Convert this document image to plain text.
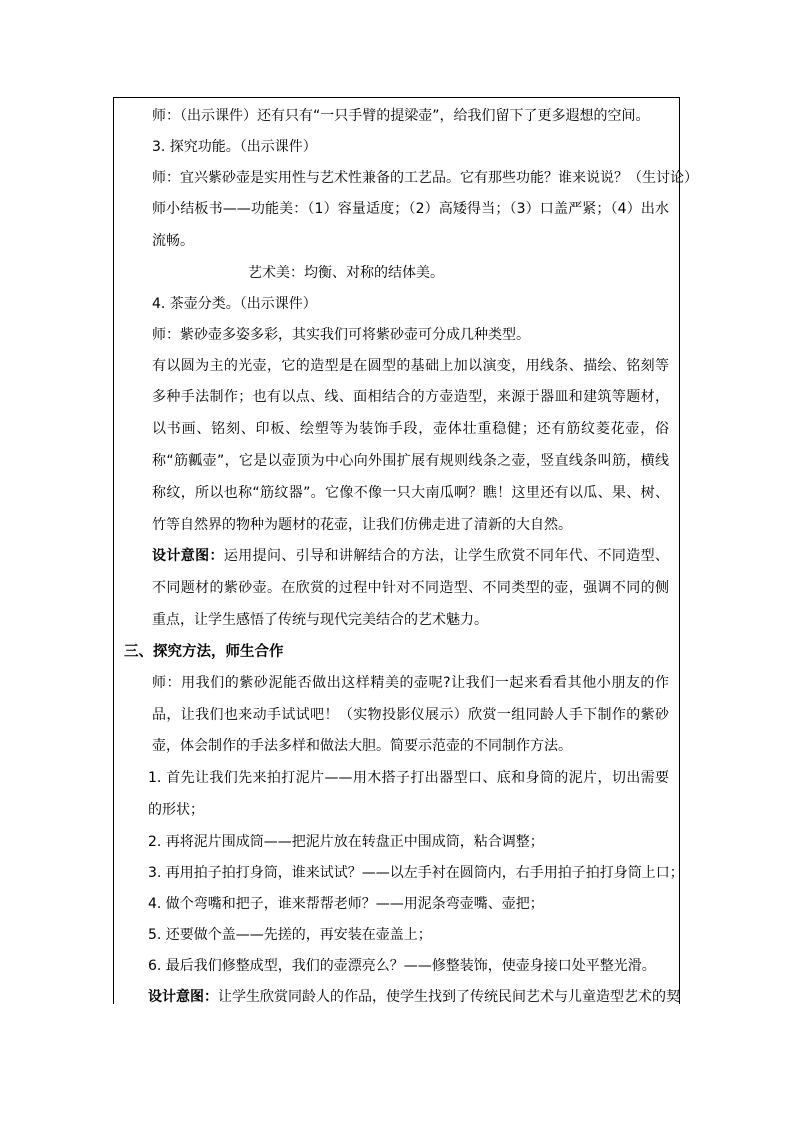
师：（出示课件）还有只有“一只手臂的提梁壶”，给我们留下了更多遐想的空间。

3. 探究功能。（出示课件）

师：宜兴紫砂壶是实用性与艺术性兼备的工艺品。它有那些功能？谁来说说？（生讨论）

师小结板书——功能美：（1）容量适度；（2）高矮得当；（3）口盖严紧；（4）出水流畅。

艺术美：均衡、对称的结体美。

4. 茶壶分类。（出示课件）

师：紫砂壶多姿多彩，其实我们可将紫砂壶可分成几种类型。

有以圆为主的光壶，它的造型是在圆型的基础上加以演变，用线条、描绘、铭刻等多种手法制作；也有以点、线、面相结合的方壶造型，来源于器皿和建筑等题材，以书画、铭刻、印板、绘塑等为装饰手段，壶体壮重稳健；还有筋纹菱花壶，俗称“筋瓤壶”，它是以壶顶为中心向外围扩展有规则线条之壶，竖直线条叫筋，横线称纹，所以也称“筋纹器”。它像不像一只大南瓜啊？瞧！这里还有以瓜、果、树、竹等自然界的物种为题材的花壶，让我们仿佛走进了清新的大自然。

设计意图：运用提问、引导和讲解结合的方法，让学生欣赏不同年代、不同造型、不同题材的紫砂壶。在欣赏的过程中针对不同造型、不同类型的壶，强调不同的侧重点，让学生感悟了传统与现代完美结合的艺术魅力。

三、探究方法，师生合作

师：用我们的紫砂泥能否做出这样精美的壶呢?让我们一起来看看其他小朋友的作品，让我们也来动手试试吧！（实物投影仪展示）欣赏一组同龄人手下制作的紫砂壶，体会制作的手法多样和做法大胆。简要示范壶的不同制作方法。

1. 首先让我们先来拍打泥片——用木搭子打出器型口、底和身筒的泥片，切出需要的形状；

2. 再将泥片围成筒——把泥片放在转盘正中围成筒，粘合调整；

3. 再用拍子拍打身筒，谁来试试？——以左手衬在圆筒内，右手用拍子拍打身筒上口；

4. 做个弯嘴和把子，谁来帮帮老师？——用泥条弯壶嘴、壶把；

5. 还要做个盖——先搓的，再安装在壶盖上；

6. 最后我们修整成型，我们的壶漂亮么？——修整装饰，使壶身接口处平整光滑。

设计意图：让学生欣赏同龄人的作品，使学生找到了传统民间艺术与儿童造型艺术的契
